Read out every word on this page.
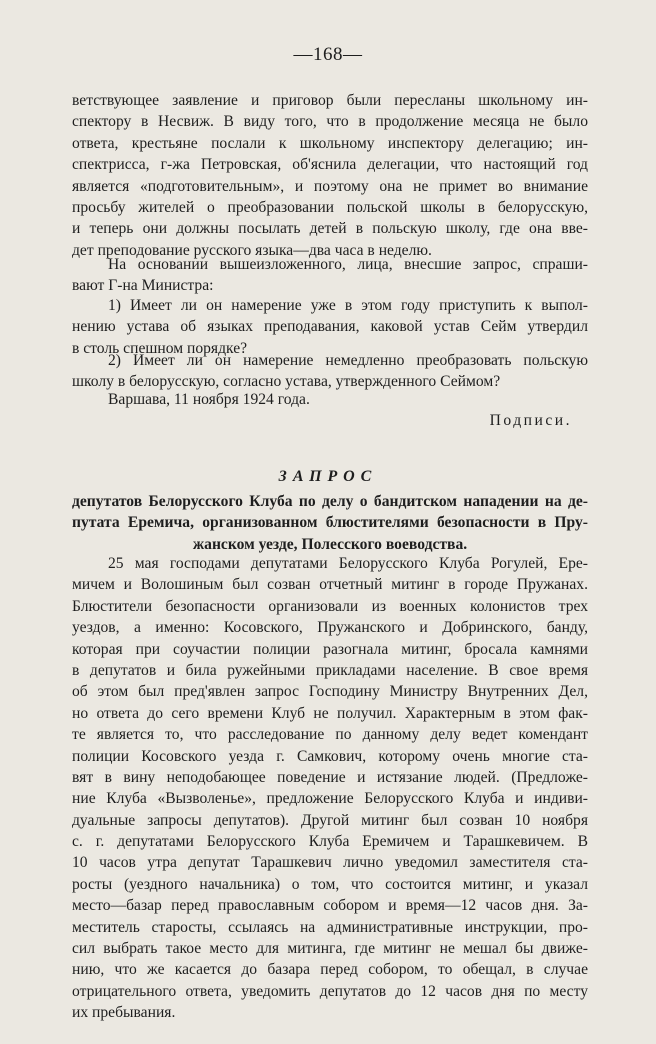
—168—
ветствующее заявление и приговор были пересланы школьному ин-
спектору в Несвиж. В виду того, что в продолжение месяца не было
ответа, крестьяне послали к школьному инспектору делегацию; ин-
спектрисса, г-жа Петровская, об'яснила делегации, что настоящий год
является «подготовительным», и поэтому она не примет во внимание
просьбу жителей о преобразовании польской школы в белорусскую,
и теперь они должны посылать детей в польскую школу, где она вве-
дет преподование русского языка—два часа в неделю.
На основании вышеизложенного, лица, внесшие запрос, спраши-
вают Г-на Министра:
1) Имеет ли он намерение уже в этом году приступить к выпол-
нению устава об языках преподавания, каковой устав Сейм утвердил
в столь спешном порядке?
2) Имеет ли он намерение немедленно преобразовать польскую
школу в белорусскую, согласно устава, утвержденного Сеймом?
Варшава, 11 ноября 1924 года.
Подписи.
ЗАПРОС
депутатов Белорусского Клуба по делу о бандитском нападении на де-
путата Еремича, организованном блюстителями безопасности в Пру-
жанском уезде, Полесского воеводства.
25 мая господами депутатами Белорусского Клуба Рогулей, Ере-
мичем и Волошиным был созван отчетный митинг в городе Пружанах.
Блюстители безопасности организовали из военных колонистов трех
уездов, а именно: Косовского, Пружанского и Добринского, банду,
которая при соучастии полиции разогнала митинг, бросала камнями
в депутатов и била ружейными прикладами население. В свое время
об этом был пред'явлен запрос Господину Министру Внутренних Дел,
но ответа до сего времени Клуб не получил. Характерным в этом фак-
те является то, что расследование по данному делу ведет комендант
полиции Косовского уезда г. Самкович, которому очень многие ста-
вят в вину неподобающее поведение и истязание людей. (Предложе-
ние Клуба «Вызволенье», предложение Белорусского Клуба и индиви-
дуальные запросы депутатов). Другой митинг был созван 10 ноября
с. г. депутатами Белорусского Клуба Еремичем и Тарашкевичем. В
10 часов утра депутат Тарашкевич лично уведомил заместителя ста-
росты (уездного начальника) о том, что состоится митинг, и указал
место—базар перед православным собором и время—12 часов дня. За-
меститель старосты, ссылаясь на административные инструкции, про-
сил выбрать такое место для митинга, где митинг не мешал бы движе-
нию, что же касается до базара перед собором, то обещал, в случае
отрицательного ответа, уведомить депутатов до 12 часов дня по месту
их пребывания.
